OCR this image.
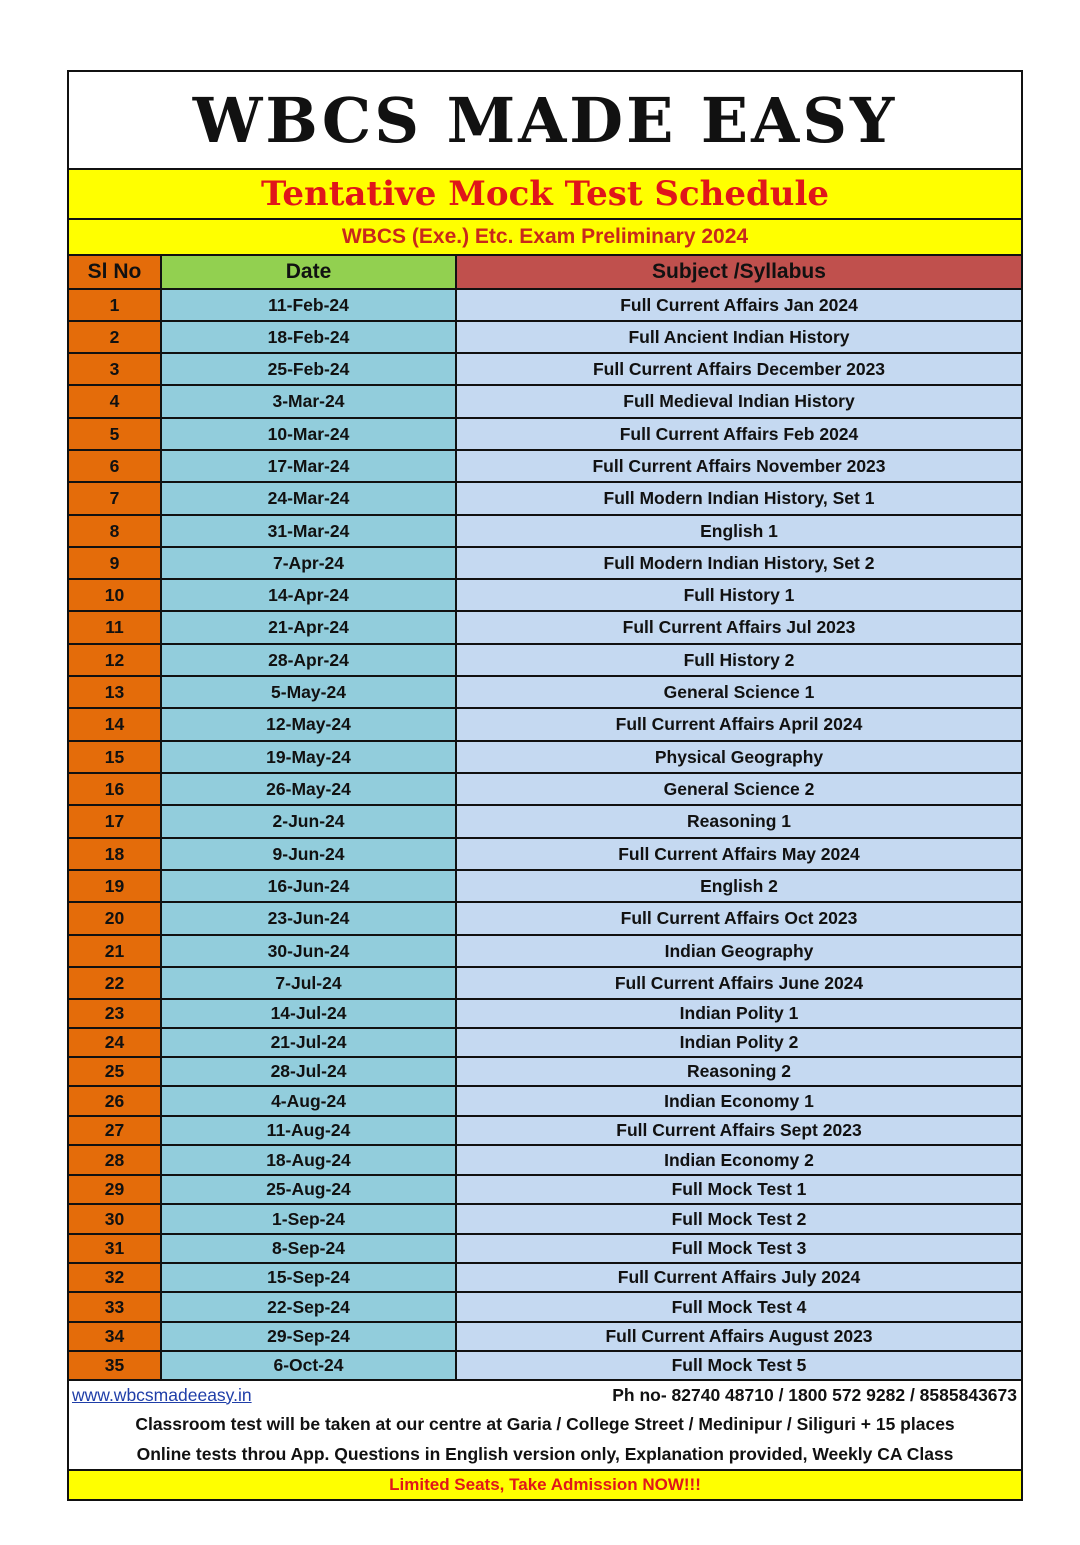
WBCS MADE EASY
Tentative Mock Test Schedule
WBCS (Exe.) Etc. Exam Preliminary 2024
Sl No	Date	Subject /Syllabus
1	11-Feb-24	Full Current Affairs Jan 2024
2	18-Feb-24	Full Ancient Indian History
3	25-Feb-24	Full Current Affairs December 2023
4	3-Mar-24	Full Medieval Indian History
5	10-Mar-24	Full Current Affairs Feb 2024
6	17-Mar-24	Full Current Affairs November 2023
7	24-Mar-24	Full Modern Indian History, Set 1
8	31-Mar-24	English 1
9	7-Apr-24	Full Modern Indian History, Set 2
10	14-Apr-24	Full History 1
11	21-Apr-24	Full Current Affairs Jul 2023
12	28-Apr-24	Full History 2
13	5-May-24	General Science 1
14	12-May-24	Full Current Affairs April 2024
15	19-May-24	Physical Geography
16	26-May-24	General Science 2
17	2-Jun-24	Reasoning 1
18	9-Jun-24	Full Current Affairs May 2024
19	16-Jun-24	English 2
20	23-Jun-24	Full Current Affairs Oct 2023
21	30-Jun-24	Indian Geography
22	7-Jul-24	Full Current Affairs June 2024
23	14-Jul-24	Indian Polity 1
24	21-Jul-24	Indian Polity 2
25	28-Jul-24	Reasoning 2
26	4-Aug-24	Indian Economy 1
27	11-Aug-24	Full Current Affairs Sept 2023
28	18-Aug-24	Indian Economy 2
29	25-Aug-24	Full Mock Test 1
30	1-Sep-24	Full Mock Test 2
31	8-Sep-24	Full Mock Test 3
32	15-Sep-24	Full Current Affairs July 2024
33	22-Sep-24	Full Mock Test 4
34	29-Sep-24	Full Current Affairs August 2023
35	6-Oct-24	Full Mock Test 5
www.wbcsmadeeasy.in	Ph no- 82740 48710 / 1800 572 9282 / 8585843673
Classroom test will be taken at our centre at Garia / College Street / Medinipur / Siliguri + 15 places
Online tests throu App. Questions in English version only, Explanation provided, Weekly CA Class
Limited Seats, Take Admission NOW!!!
